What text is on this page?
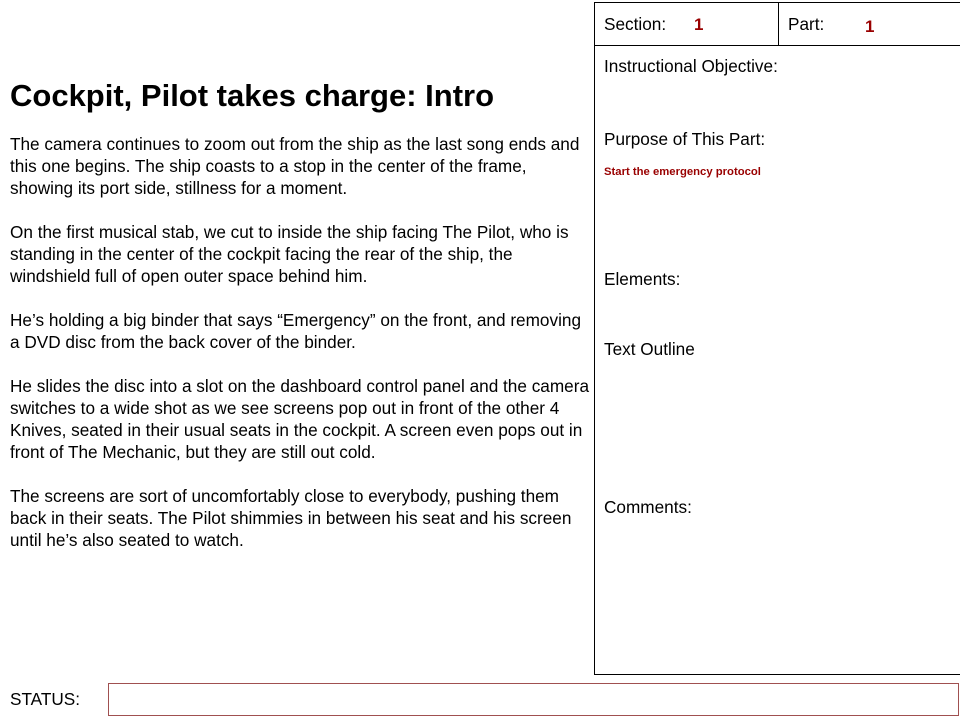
Cockpit, Pilot takes charge: Intro

The camera continues to zoom out from the ship as the last song ends and this one begins. The ship coasts to a stop in the center of the frame, showing its port side, stillness for a moment.

On the first musical stab, we cut to inside the ship facing The Pilot, who is standing in the center of the cockpit facing the rear of the ship, the windshield full of open outer space behind him.

He’s holding a big binder that says “Emergency” on the front, and removing a DVD disc from the back cover of the binder.

He slides the disc into a slot on the dashboard control panel and the camera switches to a wide shot as we see screens pop out in front of the other 4 Knives, seated in their usual seats in the cockpit. A screen even pops out in front of The Mechanic, but they are still out cold.

The screens are sort of uncomfortably close to everybody, pushing them back in their seats. The Pilot shimmies in between his seat and his screen until he’s also seated to watch.

Section: 1	Part: 1
Instructional Objective:
Purpose of This Part:
Start the emergency protocol
Elements:
Text Outline
Comments:
STATUS:
